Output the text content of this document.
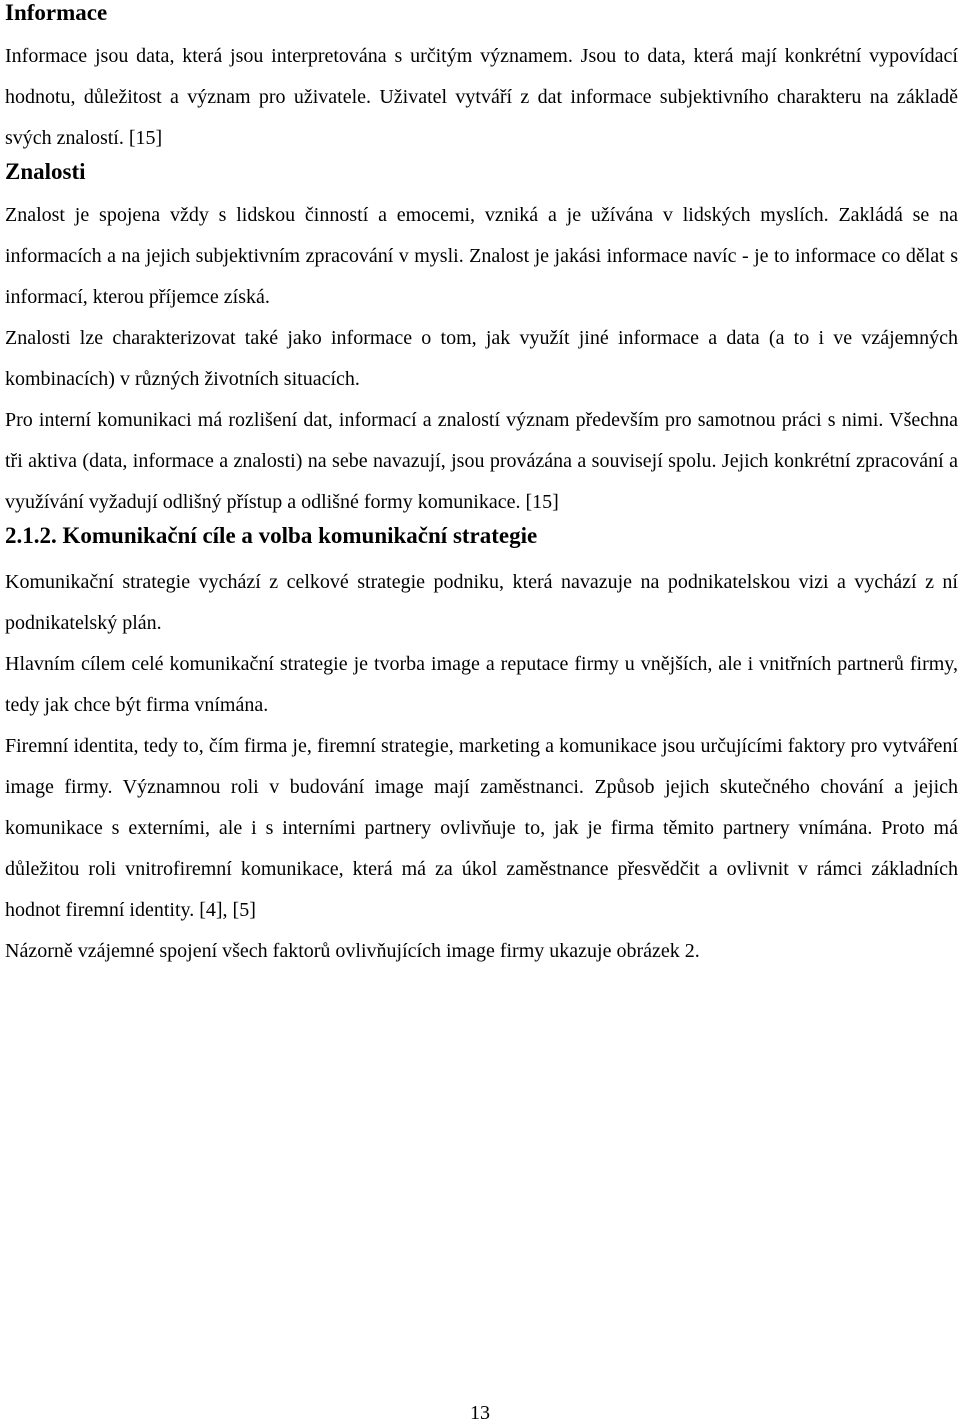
Informace

Informace jsou data, která jsou interpretována s určitým významem. Jsou to data, která mají konkrétní vypovídací hodnotu, důležitost a význam pro uživatele. Uživatel vytváří z dat informace subjektivního charakteru na základě svých znalostí. [15]

Znalosti

Znalost je spojena vždy s lidskou činností a emocemi, vzniká a je užívána v lidských myslích. Zakládá se na informacích a na jejich subjektivním zpracování v mysli. Znalost je jakási informace navíc - je to informace co dělat s informací, kterou příjemce získá.

Znalosti lze charakterizovat také jako informace o tom, jak využít jiné informace a data (a to i ve vzájemných kombinacích) v různých životních situacích.

Pro interní komunikaci má rozlišení dat, informací a znalostí význam především pro samotnou práci s nimi. Všechna tři aktiva (data, informace a znalosti) na sebe navazují, jsou provázána a souvisejí spolu. Jejich konkrétní zpracování a využívání vyžadují odlišný přístup a odlišné formy komunikace. [15]

2.1.2. Komunikační cíle a volba komunikační strategie

Komunikační strategie vychází z celkové strategie podniku, která navazuje na podnikatelskou vizi a vychází z ní podnikatelský plán.

Hlavním cílem celé komunikační strategie je tvorba image a reputace firmy u vnějších, ale i vnitřních partnerů firmy, tedy jak chce být firma vnímána.

Firemní identita, tedy to, čím firma je, firemní strategie, marketing a komunikace jsou určujícími faktory pro vytváření image firmy. Významnou roli v budování image mají zaměstnanci. Způsob jejich skutečného chování a jejich komunikace s externími, ale i s interními partnery ovlivňuje to, jak je firma těmito partnery vnímána. Proto má důležitou roli vnitrofiremní komunikace, která má za úkol zaměstnance přesvědčit a ovlivnit v rámci základních hodnot firemní identity. [4], [5]

Názorně vzájemné spojení všech faktorů ovlivňujících image firmy ukazuje obrázek 2.

13
